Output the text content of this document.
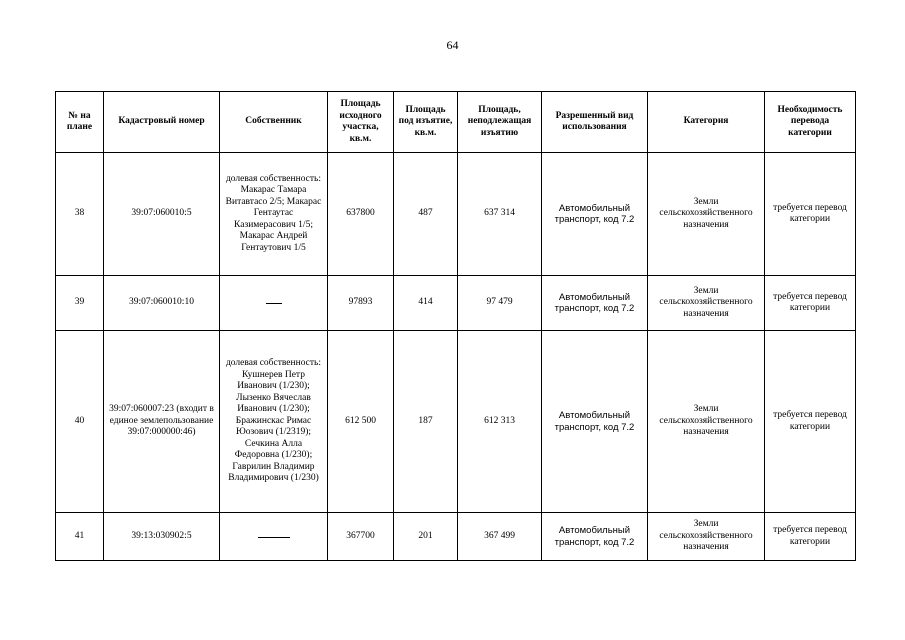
64
№ на плане	Кадастровый номер	Собственник	Площадь исходного участка, кв.м.	Площадь под изъятие, кв.м.	Площадь, неподлежащая изъятию	Разрешенный вид использования	Категория	Необходимость перевода категории
38	39:07:060010:5	долевая собственность: Макарас Тамара Витавтасо 2/5; Макарас Гентаутас Казимерасович 1/5; Макарас Андрей Гентаутович 1/5	637800	487	637 314	Автомобильный транспорт, код 7.2	Земли сельскохозяйственного назначения	требуется перевод категории
39	39:07:060010:10		97893	414	97 479	Автомобильный транспорт, код 7.2	Земли сельскохозяйственного назначения	требуется перевод категории
40	39:07:060007:23 (входит в единое землепользование 39:07:000000:46)	долевая собственность: Кушнерев Петр Иванович (1/230); Лызенко Вячеслав Иванович (1/230); Бражинскас Римас Юозович (1/2319); Сечкина Алла Федоровна (1/230); Гаврилин Владимир Владимирович (1/230)	612 500	187	612 313	Автомобильный транспорт, код 7.2	Земли сельскохозяйственного назначения	требуется перевод категории
41	39:13:030902:5		367700	201	367 499	Автомобильный транспорт, код 7.2	Земли сельскохозяйственного назначения	требуется перевод категории
